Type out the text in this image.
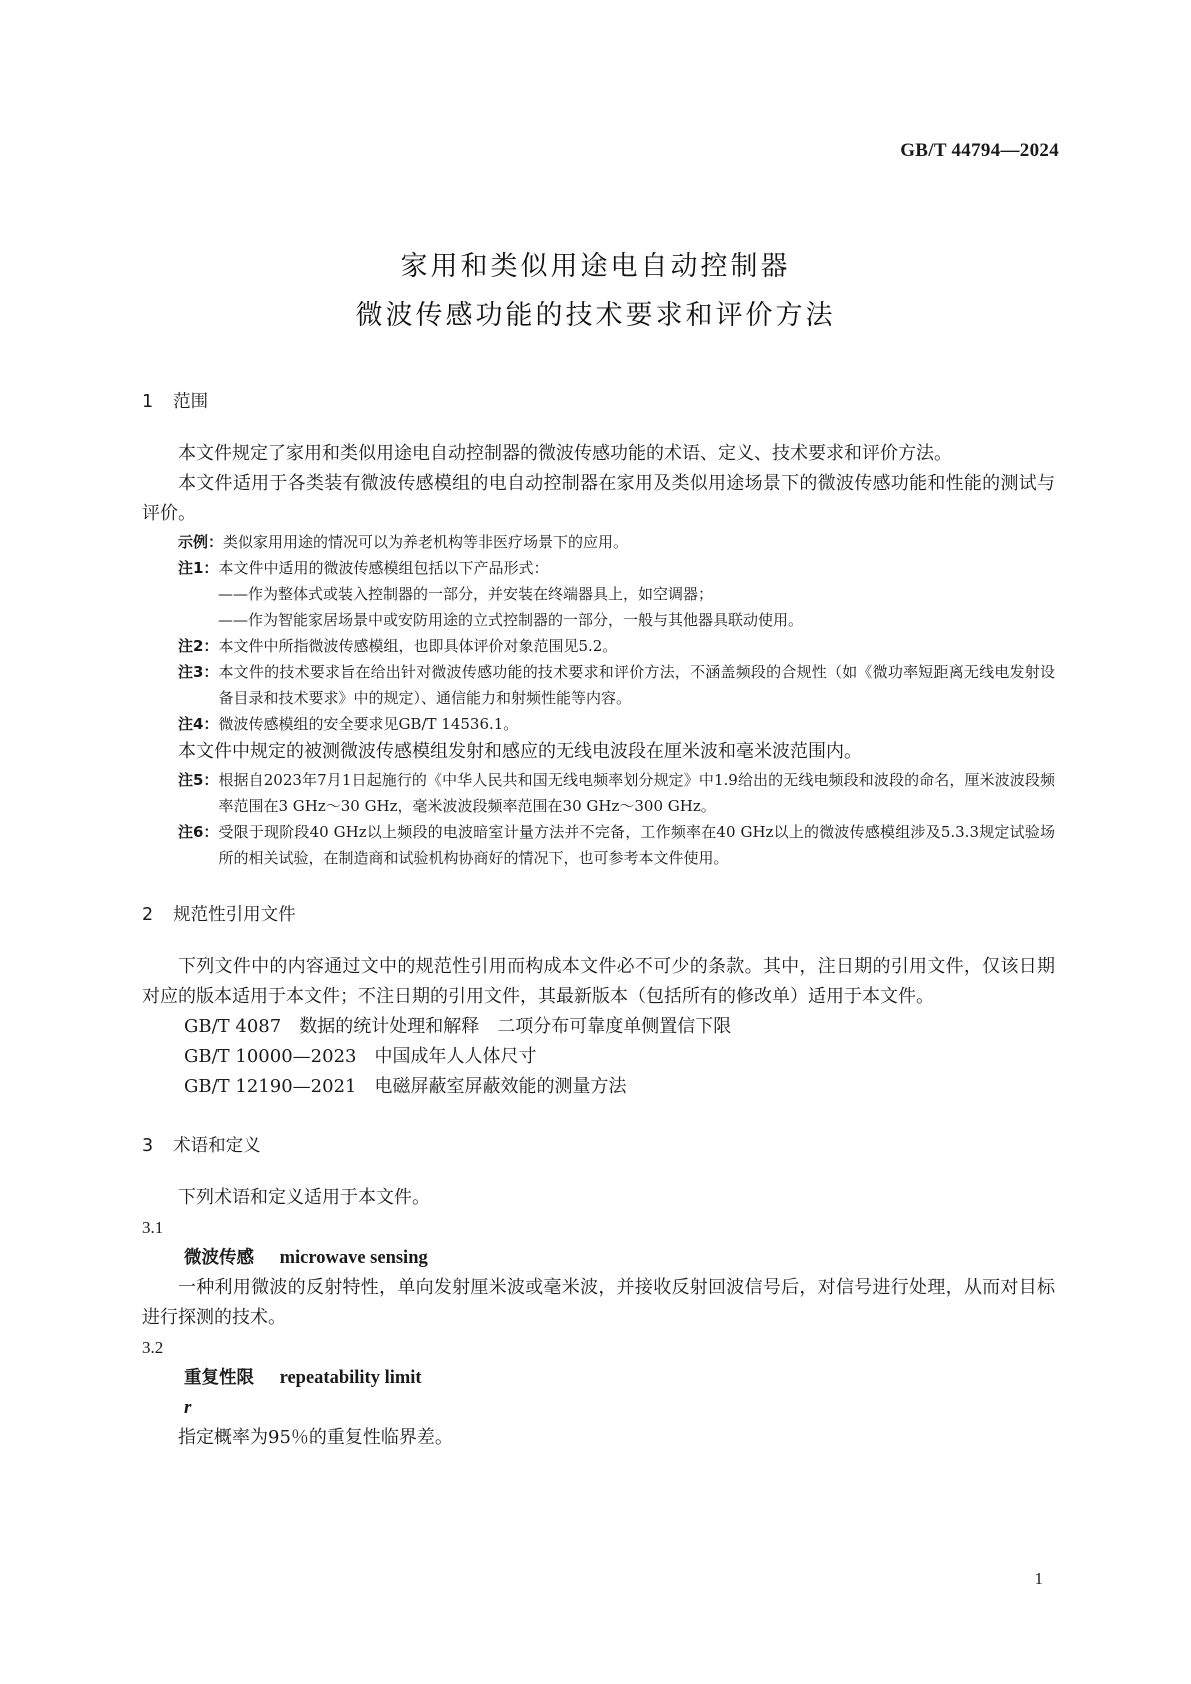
GB/T 44794—2024
家用和类似用途电自动控制器
微波传感功能的技术要求和评价方法
1 范围

本文件规定了家用和类似用途电自动控制器的微波传感功能的术语、定义、技术要求和评价方法。

本文件适用于各类装有微波传感模组的电自动控制器在家用及类似用途场景下的微波传感功能和性能的测试与评价。

示例： 类似家用用途的情况可以为养老机构等非医疗场景下的应用。
注1： 本文件中适用的微波传感模组包括以下产品形式：
——作为整体式或装入控制器的一部分，并安装在终端器具上，如空调器；
——作为智能家居场景中或安防用途的立式控制器的一部分，一般与其他器具联动使用。
注2： 本文件中所指微波传感模组，也即具体评价对象范围见5.2。
注3： 本文件的技术要求旨在给出针对微波传感功能的技术要求和评价方法，不涵盖频段的合规性（如《微功率短距离无线电发射设备目录和技术要求》中的规定）、通信能力和射频性能等内容。
注4： 微波传感模组的安全要求见GB/T 14536.1。

本文件中规定的被测微波传感模组发射和感应的无线电波段在厘米波和毫米波范围内。

注5： 根据自2023年7月1日起施行的《中华人民共和国无线电频率划分规定》中1.9给出的无线电频段和波段的命名，厘米波波段频率范围在3 GHz～30 GHz，毫米波波段频率范围在30 GHz～300 GHz。
注6： 受限于现阶段40 GHz以上频段的电波暗室计量方法并不完备，工作频率在40 GHz以上的微波传感模组涉及5.3.3规定试验场所的相关试验，在制造商和试验机构协商好的情况下，也可参考本文件使用。
2 规范性引用文件

下列文件中的内容通过文中的规范性引用而构成本文件必不可少的条款。其中，注日期的引用文件，仅该日期对应的版本适用于本文件；不注日期的引用文件，其最新版本（包括所有的修改单）适用于本文件。

GB/T 4087　数据的统计处理和解释　二项分布可靠度单侧置信下限
GB/T 10000—2023　中国成年人人体尺寸
GB/T 12190—2021　电磁屏蔽室屏蔽效能的测量方法
3 术语和定义

下列术语和定义适用于本文件。

3.1
微波传感 microwave sensing

一种利用微波的反射特性，单向发射厘米波或毫米波，并接收反射回波信号后，对信号进行处理，从而对目标进行探测的技术。

3.2
重复性限 repeatability limit
r

指定概率为95％的重复性临界差。

1
